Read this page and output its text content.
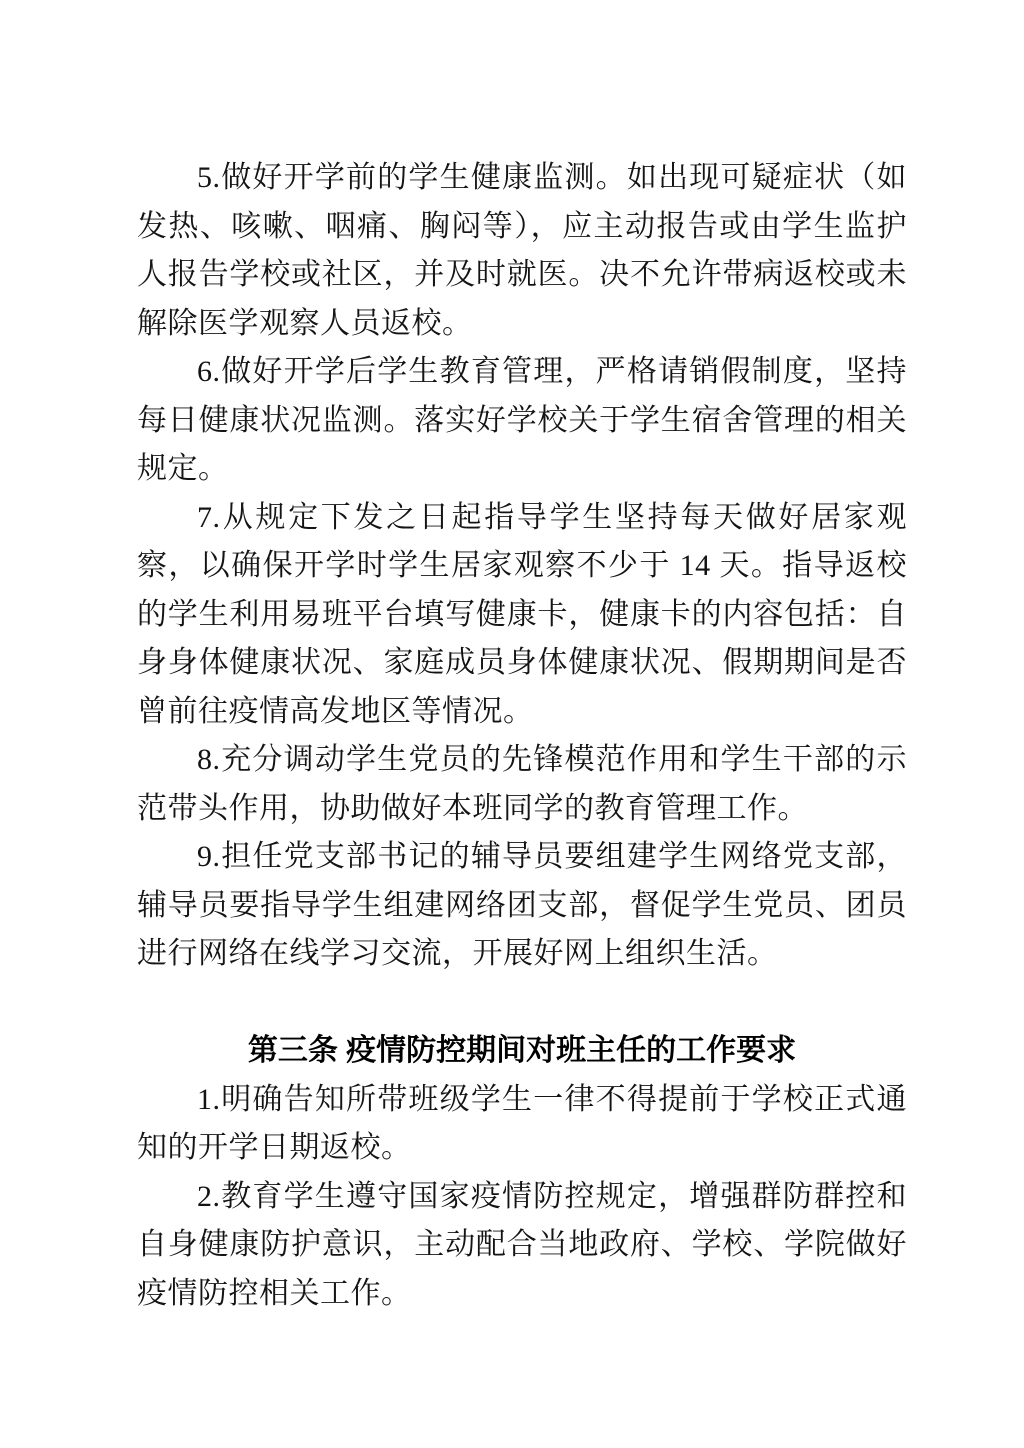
5.做好开学前的学生健康监测。如出现可疑症状（如发热、咳嗽、咽痛、胸闷等），应主动报告或由学生监护人报告学校或社区，并及时就医。决不允许带病返校或未解除医学观察人员返校。

6.做好开学后学生教育管理，严格请销假制度，坚持每日健康状况监测。落实好学校关于学生宿舍管理的相关规定。

7.从规定下发之日起指导学生坚持每天做好居家观察，以确保开学时学生居家观察不少于 14 天。指导返校的学生利用易班平台填写健康卡，健康卡的内容包括：自身身体健康状况、家庭成员身体健康状况、假期期间是否曾前往疫情高发地区等情况。

8.充分调动学生党员的先锋模范作用和学生干部的示范带头作用，协助做好本班同学的教育管理工作。

9.担任党支部书记的辅导员要组建学生网络党支部，辅导员要指导学生组建网络团支部，督促学生党员、团员进行网络在线学习交流，开展好网上组织生活。

第三条 疫情防控期间对班主任的工作要求

1.明确告知所带班级学生一律不得提前于学校正式通知的开学日期返校。

2.教育学生遵守国家疫情防控规定，增强群防群控和自身健康防护意识，主动配合当地政府、学校、学院做好疫情防控相关工作。
